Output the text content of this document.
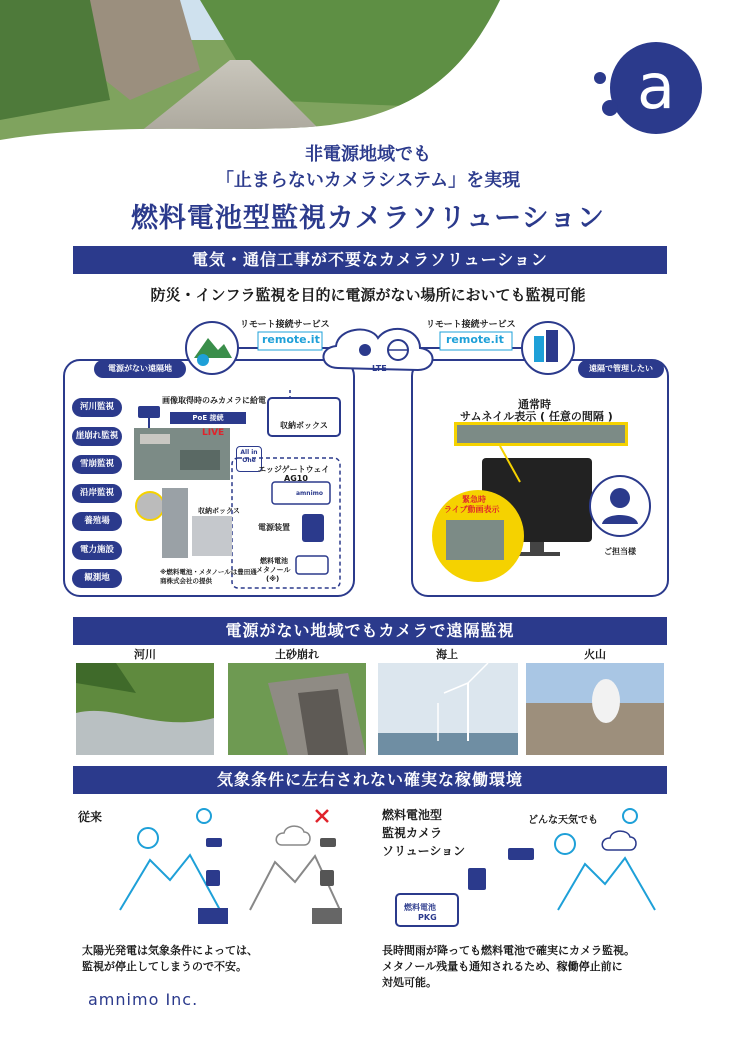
a
非電源地域でも
「止まらないカメラシステム」を実現
燃料電池型監視カメラソリューション
電気・通信工事が不要なカメラソリューション
防災・インフラ監視を目的に電源がない場所においても監視可能
リモート接続サービス	リモート接続サービス
remote.it	remote.it
LTE
電源がない遠隔地	遠隔で管理したい
河川監視
崖崩れ監視
雪崩監視
沿岸監視
養殖場
電力施設
観測地
画像取得時のみカメラに給電
PoE 接続
LIVE
All in One
収納ボックス
エッジゲートウェイ
AG10
amnimo
電源装置
燃料電池
メタノール
(※)
収納ボックス
※燃料電池・メタノールは豊田通商株式会社の提供
通常時
サムネイル表示 ( 任意の間隔 )
緊急時
ライブ動画表示
ご担当様
電源がない地域でもカメラで遠隔監視
河川	土砂崩れ	海上	火山
気象条件に左右されない確実な稼働環境
従来	燃料電池型
監視カメラ
ソリューション
どんな天気でも
燃料電池
PKG
太陽光発電は気象条件によっては、
監視が停止してしまうので不安。
長時間雨が降っても燃料電池で確実にカメラ監視。
メタノール残量も通知されるため、稼働停止前に
対処可能。
amnimo Inc.
